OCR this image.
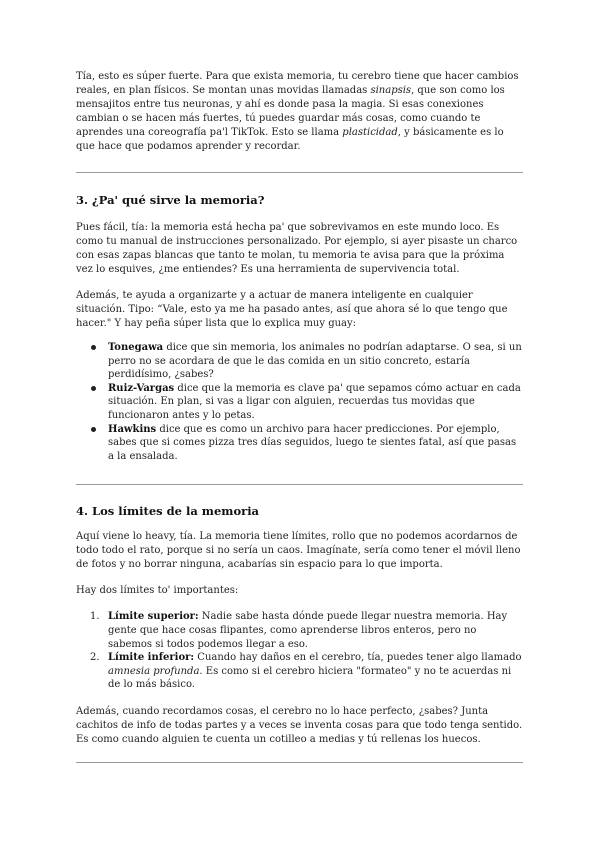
Tía, esto es súper fuerte. Para que exista memoria, tu cerebro tiene que hacer cambios reales, en plan físicos. Se montan unas movidas llamadas sinapsis, que son como los mensajitos entre tus neuronas, y ahí es donde pasa la magia. Si esas conexiones cambian o se hacen más fuertes, tú puedes guardar más cosas, como cuando te aprendes una coreografía pa'l TikTok. Esto se llama plasticidad, y básicamente es lo que hace que podamos aprender y recordar.

3. ¿Pa' qué sirve la memoria?

Pues fácil, tía: la memoria está hecha pa' que sobrevivamos en este mundo loco. Es como tu manual de instrucciones personalizado. Por ejemplo, si ayer pisaste un charco con esas zapas blancas que tanto te molan, tu memoria te avisa para que la próxima vez lo esquives, ¿me entiendes? Es una herramienta de supervivencia total.

Además, te ayuda a organizarte y a actuar de manera inteligente en cualquier situación. Tipo: “Vale, esto ya me ha pasado antes, así que ahora sé lo que tengo que hacer." Y hay peña súper lista que lo explica muy guay:

Tonegawa dice que sin memoria, los animales no podrían adaptarse. O sea, si un perro no se acordara de que le das comida en un sitio concreto, estaría perdidísimo, ¿sabes?
Ruiz-Vargas dice que la memoria es clave pa' que sepamos cómo actuar en cada situación. En plan, si vas a ligar con alguien, recuerdas tus movidas que funcionaron antes y lo petas.
Hawkins dice que es como un archivo para hacer predicciones. Por ejemplo, sabes que si comes pizza tres días seguidos, luego te sientes fatal, así que pasas a la ensalada.
4. Los límites de la memoria

Aquí viene lo heavy, tía. La memoria tiene límites, rollo que no podemos acordarnos de todo todo el rato, porque si no sería un caos. Imagínate, sería como tener el móvil lleno de fotos y no borrar ninguna, acabarías sin espacio para lo que importa.

Hay dos límites to' importantes:

1. Límite superior: Nadie sabe hasta dónde puede llegar nuestra memoria. Hay gente que hace cosas flipantes, como aprenderse libros enteros, pero no sabemos si todos podemos llegar a eso.
2. Límite inferior: Cuando hay daños en el cerebro, tía, puedes tener algo llamado amnesia profunda. Es como si el cerebro hiciera "formateo" y no te acuerdas ni de lo más básico.

Además, cuando recordamos cosas, el cerebro no lo hace perfecto, ¿sabes? Junta cachitos de info de todas partes y a veces se inventa cosas para que todo tenga sentido. Es como cuando alguien te cuenta un cotilleo a medias y tú rellenas los huecos.
